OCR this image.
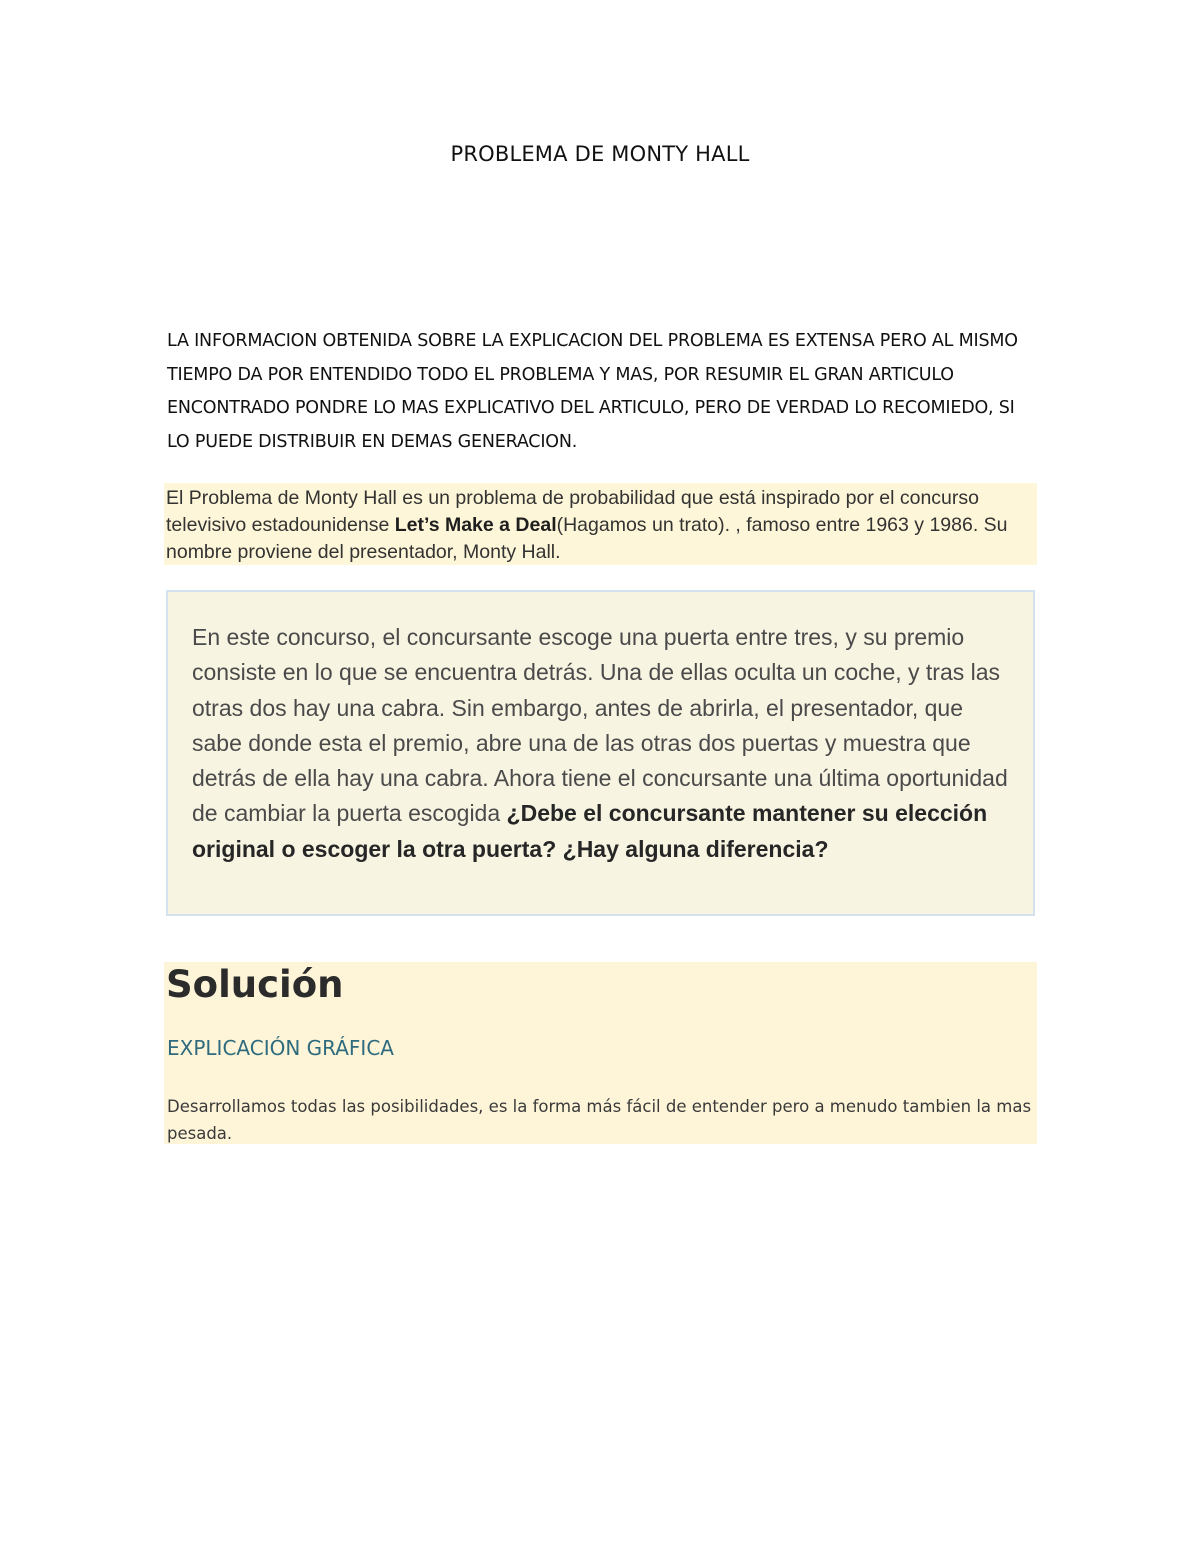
PROBLEMA DE MONTY HALL

LA INFORMACION OBTENIDA SOBRE LA EXPLICACION DEL PROBLEMA ES EXTENSA PERO AL MISMO TIEMPO DA POR ENTENDIDO TODO EL PROBLEMA Y MAS, POR RESUMIR EL GRAN ARTICULO ENCONTRADO PONDRE LO MAS EXPLICATIVO DEL ARTICULO, PERO DE VERDAD LO RECOMIEDO, SI LO PUEDE DISTRIBUIR EN DEMAS GENERACION.

El Problema de Monty Hall es un problema de probabilidad que está inspirado por el concurso televisivo estadounidense Let’s Make a Deal(Hagamos un trato). , famoso entre 1963 y 1986. Su nombre proviene del presentador, Monty Hall.

En este concurso, el concursante escoge una puerta entre tres, y su premio consiste en lo que se encuentra detrás. Una de ellas oculta un coche, y tras las otras dos hay una cabra. Sin embargo, antes de abrirla, el presentador, que sabe donde esta el premio, abre una de las otras dos puertas y muestra que detrás de ella hay una cabra. Ahora tiene el concursante una última oportunidad de cambiar la puerta escogida ¿Debe el concursante mantener su elección original o escoger la otra puerta? ¿Hay alguna diferencia?
Solución
EXPLICACIÓN GRÁFICA

Desarrollamos todas las posibilidades, es la forma más fácil de entender pero a menudo tambien la mas pesada.
